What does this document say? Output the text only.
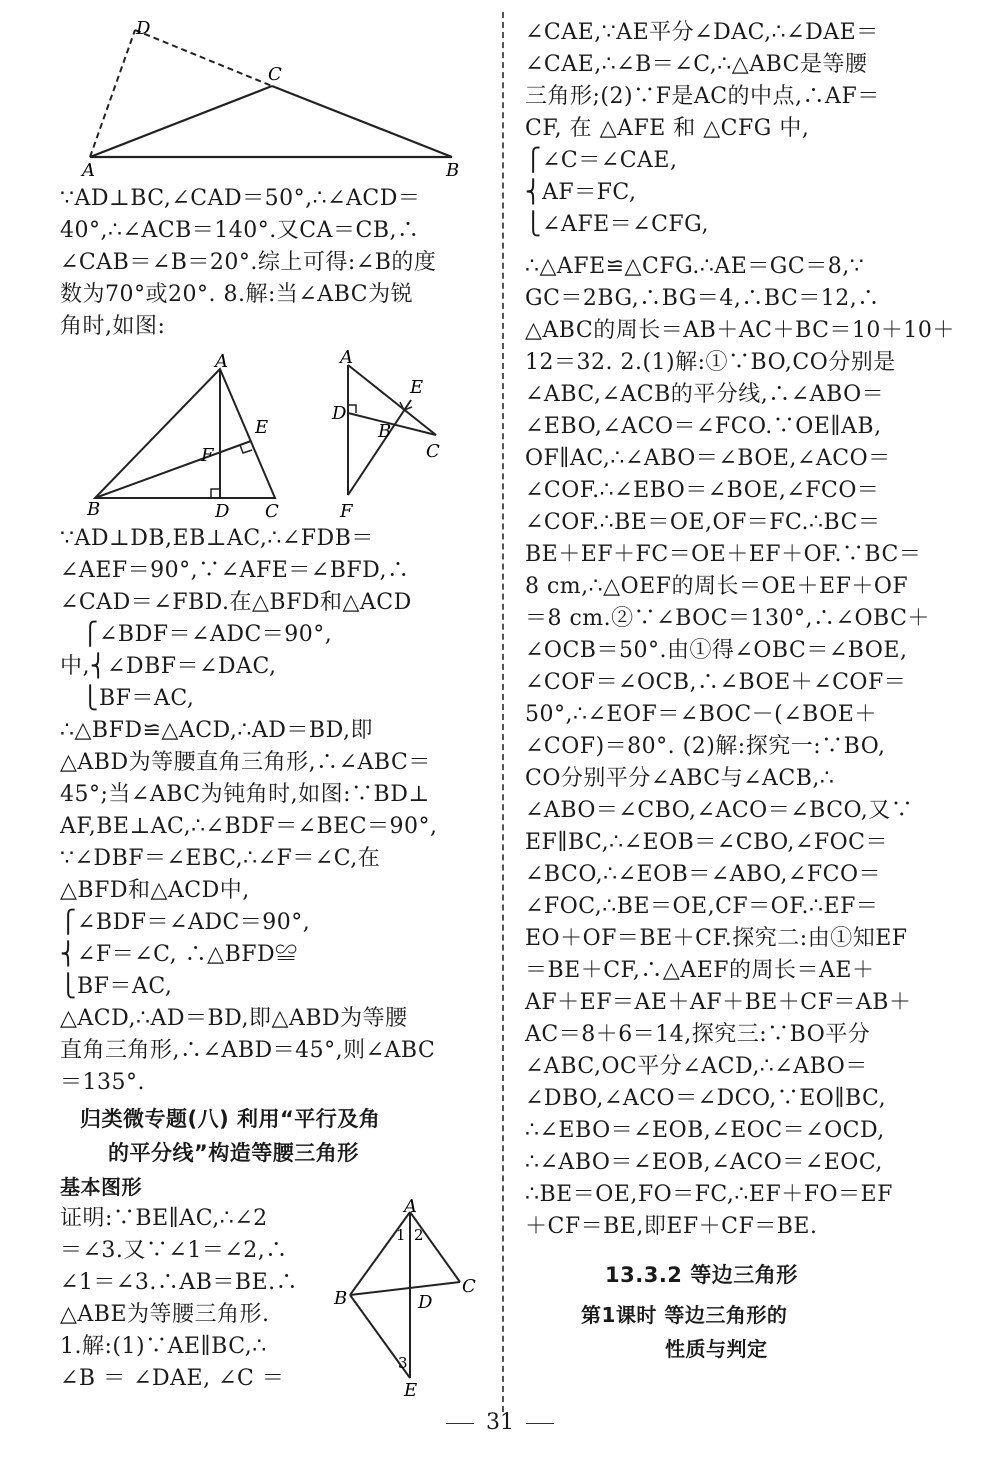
D
C
A	B
∵AD⊥BC,∠CAD＝50°,∴∠ACD＝
40°,∴∠ACB＝140°.又CA＝CB,∴
∠CAB＝∠B＝20°.综上可得:∠B的度
数为70°或20°. 8.解:当∠ABC为锐
角时,如图:
A
E
F
B	D C
A
E
D
B
C
F
∵AD⊥DB,EB⊥AC,∴∠FDB＝
∠AEF＝90°,∵∠AFE＝∠BFD,∴
∠CAD＝∠FBD.在△BFD和△ACD
⎧∠BDF＝∠ADC＝90°,
中,⎨∠DBF＝∠DAC,
⎩BF＝AC,
∴△BFD≌△ACD,∴AD＝BD,即
△ABD为等腰直角三角形,∴∠ABC＝
45°;当∠ABC为钝角时,如图:∵BD⊥
AF,BE⊥AC,∴∠BDF＝∠BEC＝90°,
∵∠DBF＝∠EBC,∴∠F＝∠C,在
△BFD和△ACD中,
⎧∠BDF＝∠ADC＝90°,
⎨∠F＝∠C, ∴△BFD≌
⎩BF＝AC,
△ACD,∴AD＝BD,即△ABD为等腰
直角三角形,∴∠ABD＝45°,则∠ABC
＝135°.
归类微专题(八) 利用“平行及角
的平分线”构造等腰三角形
基本图形
证明:∵BE∥AC,∴∠2
＝∠3.又∵∠1＝∠2,∴
∠1＝∠3.∴AB＝BE.∴
△ABE为等腰三角形.
1.解:(1)∵AE∥BC,∴
∠B ＝ ∠DAE, ∠C ＝
A
1 2
C
B	D
3
E
∠CAE,∵AE平分∠DAC,∴∠DAE＝
∠CAE,∴∠B＝∠C,∴△ABC是等腰
三角形;(2)∵F是AC的中点,∴AF＝
CF, 在 △AFE 和 △CFG 中,
⎧∠C＝∠CAE,
⎨AF＝FC,
⎩∠AFE＝∠CFG,
∴△AFE≌△CFG.∴AE＝GC＝8,∵
GC＝2BG,∴BG＝4,∴BC＝12,∴
△ABC的周长＝AB＋AC＋BC＝10＋10＋
12＝32. 2.(1)解:①∵BO,CO分别是
∠ABC,∠ACB的平分线,∴∠ABO＝
∠EBO,∠ACO＝∠FCO.∵OE∥AB,
OF∥AC,∴∠ABO＝∠BOE,∠ACO＝
∠COF.∴∠EBO＝∠BOE,∠FCO＝
∠COF.∴BE＝OE,OF＝FC.∴BC＝
BE＋EF＋FC＝OE＋EF＋OF.∵BC＝
8 cm,∴△OEF的周长＝OE＋EF＋OF
＝8 cm.②∵∠BOC＝130°,∴∠OBC＋
∠OCB＝50°.由①得∠OBC＝∠BOE,
∠COF＝∠OCB,∴∠BOE＋∠COF＝
50°,∴∠EOF＝∠BOC－(∠BOE＋
∠COF)＝80°. (2)解:探究一:∵BO,
CO分别平分∠ABC与∠ACB,∴
∠ABO＝∠CBO,∠ACO＝∠BCO,又∵
EF∥BC,∴∠EOB＝∠CBO,∠FOC＝
∠BCO,∴∠EOB＝∠ABO,∠FCO＝
∠FOC,∴BE＝OE,CF＝OF.∴EF＝
EO＋OF＝BE＋CF.探究二:由①知EF
＝BE＋CF,∴△AEF的周长＝AE＋
AF＋EF＝AE＋AF＋BE＋CF＝AB＋
AC＝8＋6＝14,探究三:∵BO平分
∠ABC,OC平分∠ACD,∴∠ABO＝
∠DBO,∠ACO＝∠DCO,∵EO∥BC,
∴∠EBO＝∠EOB,∠EOC＝∠OCD,
∴∠ABO＝∠EOB,∠ACO＝∠EOC,
∴BE＝OE,FO＝FC,∴EF＋FO＝EF
＋CF＝BE,即EF＋CF＝BE.
13.3.2 等边三角形
第1课时 等边三角形的
性质与判定
31
